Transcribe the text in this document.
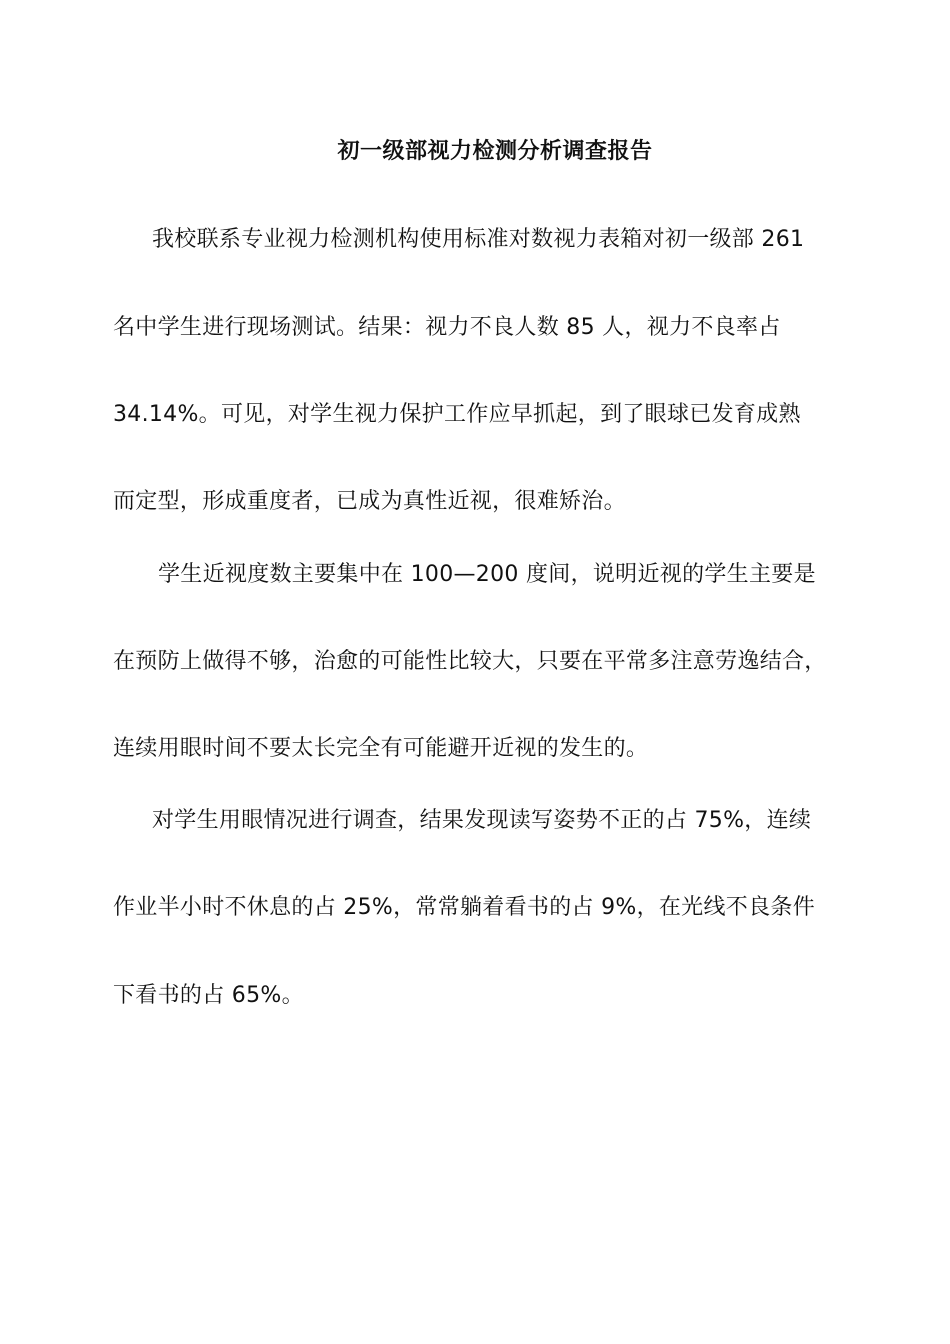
初一级部视力检测分析调查报告
我校联系专业视力检测机构使用标准对数视力表箱对初一级部 261
名中学生进行现场测试。结果：视力不良人数 85 人，视力不良率占
34.14%。可见，对学生视力保护工作应早抓起，到了眼球已发育成熟
而定型，形成重度者，已成为真性近视，很难矫治。
学生近视度数主要集中在 100—200 度间，说明近视的学生主要是
在预防上做得不够，治愈的可能性比较大，只要在平常多注意劳逸结合，
连续用眼时间不要太长完全有可能避开近视的发生的。
对学生用眼情况进行调查，结果发现读写姿势不正的占 75%，连续
作业半小时不休息的占 25%，常常躺着看书的占 9%，在光线不良条件
下看书的占 65%。
